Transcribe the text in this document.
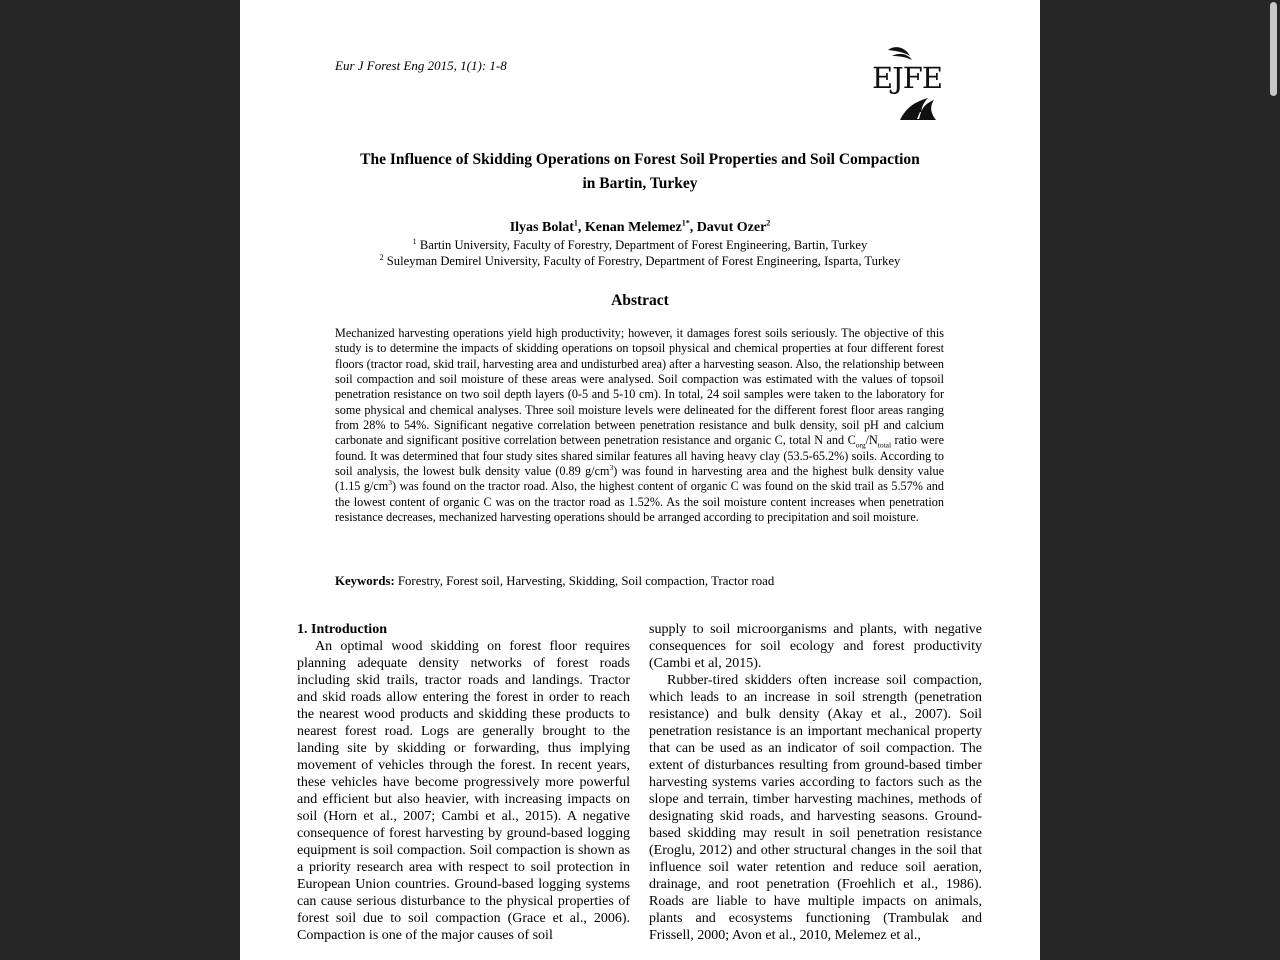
Eur J Forest Eng 2015, 1(1): 1-8	EJFE
The Influence of Skidding Operations on Forest Soil Properties and Soil Compaction
in Bartin, Turkey
Ilyas Bolat$^1$, Kenan Melemez$^{1*}$, Davut Ozer$^2$
$^1$ Bartin University, Faculty of Forestry, Department of Forest Engineering, Bartin, Turkey
$^2$ Suleyman Demirel University, Faculty of Forestry, Department of Forest Engineering, Isparta, Turkey
Abstract
Mechanized harvesting operations yield high productivity; however, it damages forest soils seriously. The objective of this study is to determine the impacts of skidding operations on topsoil physical and chemical properties at four different forest floors (tractor road, skid trail, harvesting area and undisturbed area) after a harvesting season. Also, the relationship between soil compaction and soil moisture of these areas were analysed. Soil compaction was estimated with the values of topsoil penetration resistance on two soil depth layers (0-5 and 5-10 cm). In total, 24 soil samples were taken to the laboratory for some physical and chemical analyses. Three soil moisture levels were delineated for the different forest floor areas ranging from 28% to 54%. Significant negative correlation between penetration resistance and bulk density, soil pH and calcium carbonate and significant positive correlation between penetration resistance and organic C, total N and $C_{org}/N_{total}$ ratio were found. It was determined that four study sites shared similar features all having heavy clay (53.5-65.2%) soils. According to soil analysis, the lowest bulk density value (0.89 $g/cm^3$) was found in harvesting area and the highest bulk density value (1.15 $g/cm^3$) was found on the tractor road. Also, the highest content of organic C was found on the skid trail as 5.57% and the lowest content of organic C was on the tractor road as 1.52%. As the soil moisture content increases when penetration resistance decreases, mechanized harvesting operations should be arranged according to precipitation and soil moisture.
Keywords: Forestry, Forest soil, Harvesting, Skidding, Soil compaction, Tractor road

1. Introduction

An optimal wood skidding on forest floor requires planning adequate density networks of forest roads including skid trails, tractor roads and landings. Tractor and skid roads allow entering the forest in order to reach the nearest wood products and skidding these products to nearest forest road. Logs are generally brought to the landing site by skidding or forwarding, thus implying movement of vehicles through the forest. In recent years, these vehicles have become progressively more powerful and efficient but also heavier, with increasing impacts on soil (Horn et al., 2007; Cambi et al., 2015). A negative consequence of forest harvesting by ground-based logging equipment is soil compaction. Soil compaction is shown as a priority research area with respect to soil protection in European Union countries. Ground-based logging systems can cause serious disturbance to the physical properties of forest soil due to soil compaction (Grace et al., 2006). Compaction is one of the major causes of soil

supply to soil microorganisms and plants, with negative consequences for soil ecology and forest productivity (Cambi et al, 2015).

Rubber-tired skidders often increase soil compaction, which leads to an increase in soil strength (penetration resistance) and bulk density (Akay et al., 2007). Soil penetration resistance is an important mechanical property that can be used as an indicator of soil compaction. The extent of disturbances resulting from ground-based timber harvesting systems varies according to factors such as the slope and terrain, timber harvesting machines, methods of designating skid roads, and harvesting seasons. Ground-based skidding may result in soil penetration resistance (Eroglu, 2012) and other structural changes in the soil that influence soil water retention and reduce soil aeration, drainage, and root penetration (Froehlich et al., 1986). Roads are liable to have multiple impacts on animals, plants and ecosystems functioning (Trambulak and Frissell, 2000; Avon et al., 2010, Melemez et al.,
